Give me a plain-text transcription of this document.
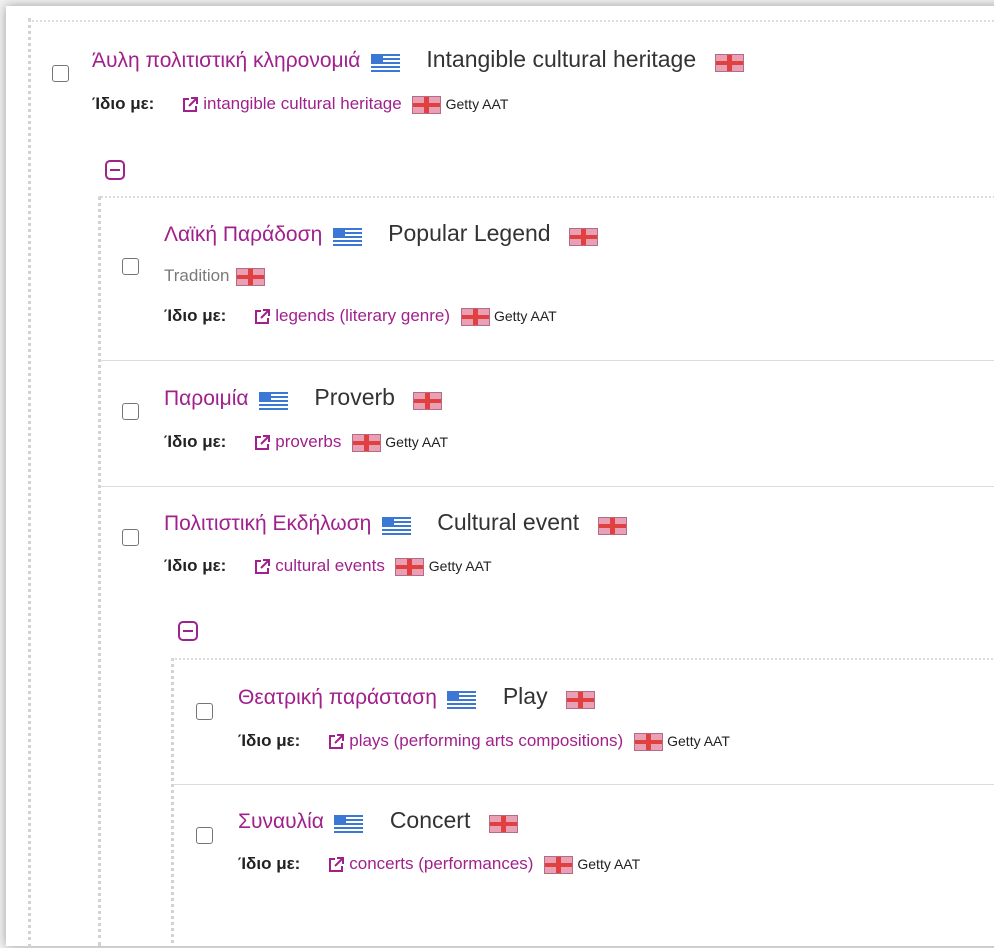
Άυλη πολιτιστική κληρονομιά	Intangible cultural heritage
Ίδιο με:	intangible cultural heritage	Getty AAT
Λαϊκή Παράδοση	Popular Legend
Tradition
Ίδιο με:	legends (literary genre)	Getty AAT
Παροιμία	Proverb
Ίδιο με:	proverbs	Getty AAT
Πολιτιστική Εκδήλωση	Cultural event
Ίδιο με:	cultural events	Getty AAT
Θεατρική παράσταση	Play
Ίδιο με:	plays (performing arts compositions)	Getty AAT
Συναυλία	Concert
Ίδιο με:	concerts (performances)	Getty AAT
